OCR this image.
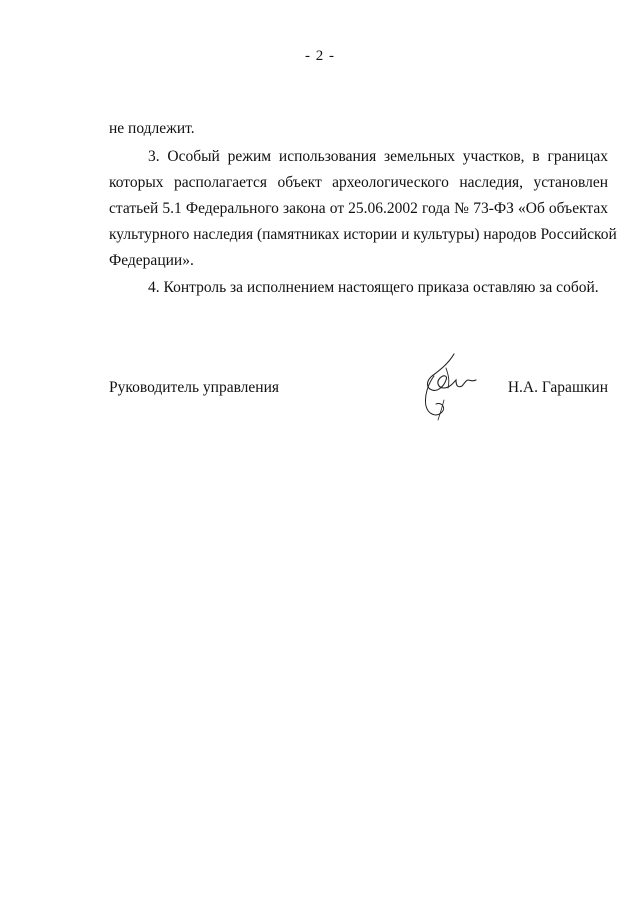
- 2 -
не подлежит.
3. Особый режим использования земельных участков, в границах
которых располагается объект археологического наследия, установлен
статьей 5.1 Федерального закона от 25.06.2002 года № 73-ФЗ «Об объектах
культурного наследия (памятниках истории и культуры) народов Российской
Федерации».
4. Контроль за исполнением настоящего приказа оставляю за собой.
Руководитель управления	Н.А. Гарашкин
